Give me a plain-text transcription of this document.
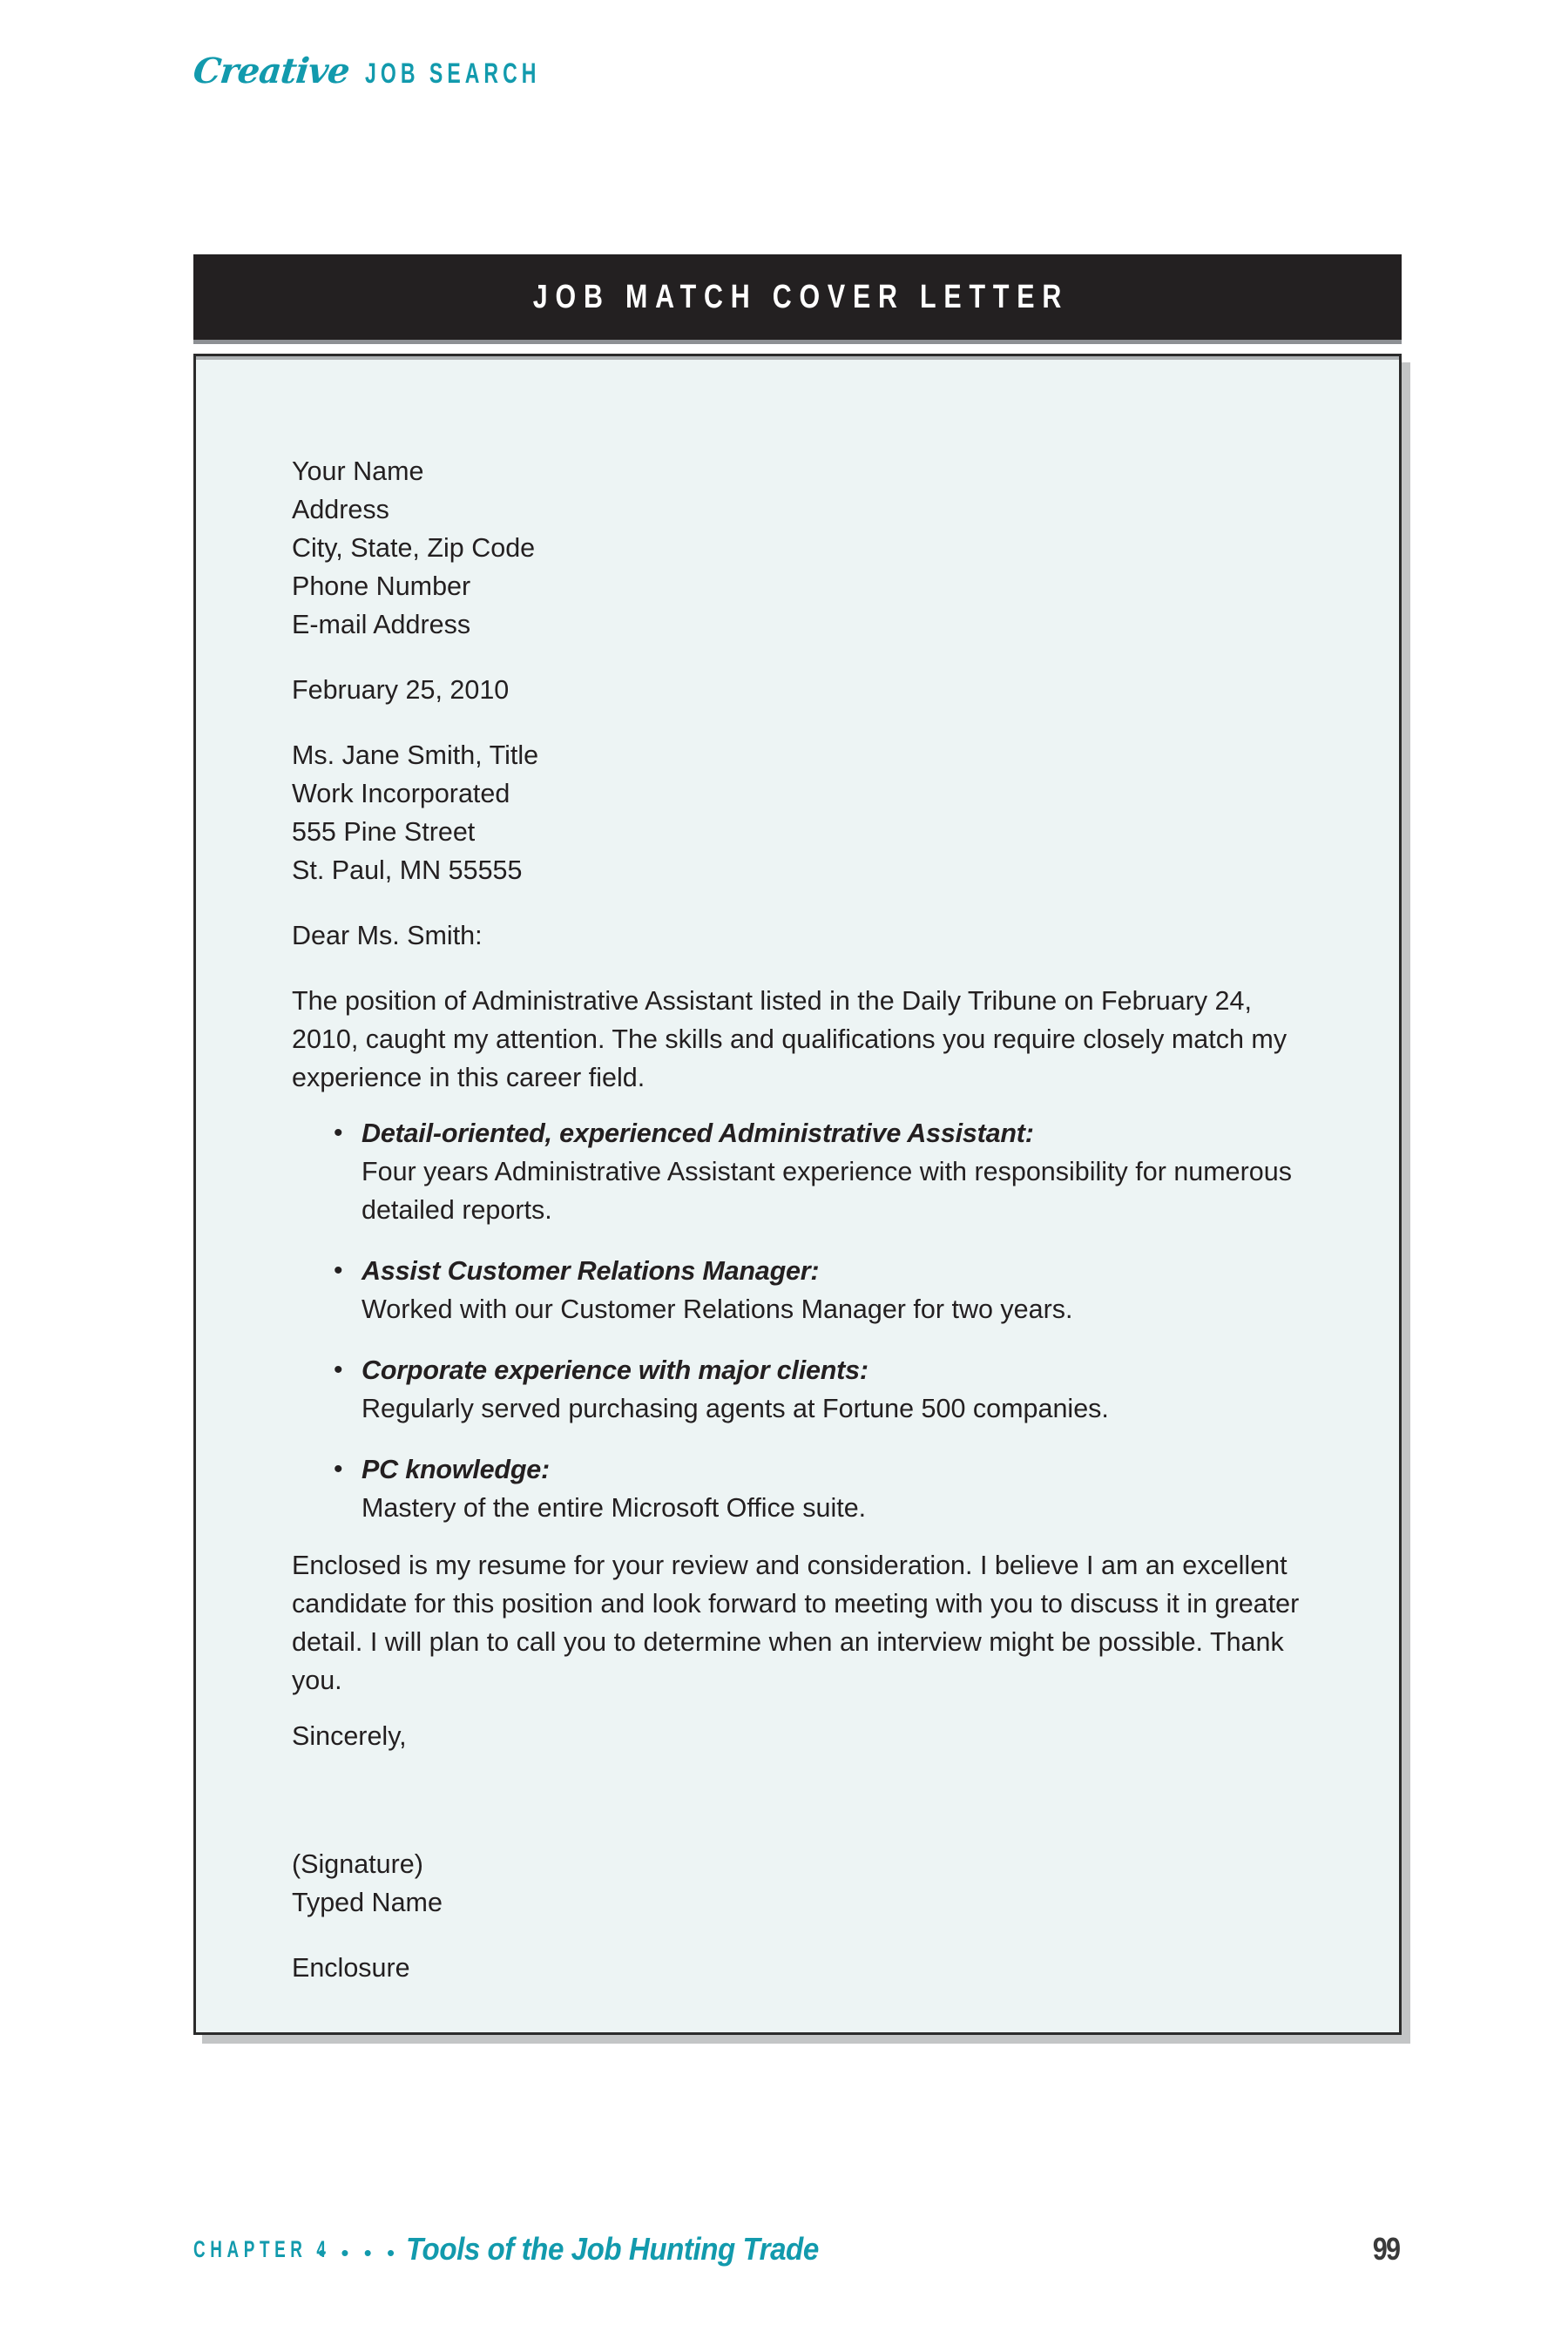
Creative JOB SEARCH
JOB MATCH COVER LETTER
Your Name
Address
City, State, Zip Code
Phone Number
E-mail Address
February 25, 2010
Ms. Jane Smith, Title
Work Incorporated
555 Pine Street
St. Paul, MN 55555
Dear Ms. Smith:

The position of Administrative Assistant listed in the Daily Tribune on February 24, 2010, caught my attention. The skills and qualifications you require closely match my experience in this career field.

• Detail-oriented, experienced Administrative Assistant:
Four years Administrative Assistant experience with responsibility for numerous detailed reports.
• Assist Customer Relations Manager:
Worked with our Customer Relations Manager for two years.
• Corporate experience with major clients:
Regularly served purchasing agents at Fortune 500 companies.
• PC knowledge:
Mastery of the entire Microsoft Office suite.

Enclosed is my resume for your review and consideration. I believe I am an excellent candidate for this position and look forward to meeting with you to discuss it in greater detail. I will plan to call you to determine when an interview might be possible. Thank you.

Sincerely,
(Signature)
Typed Name
Enclosure
CHAPTER 4
• • • • Tools of the Job Hunting Trade	99
